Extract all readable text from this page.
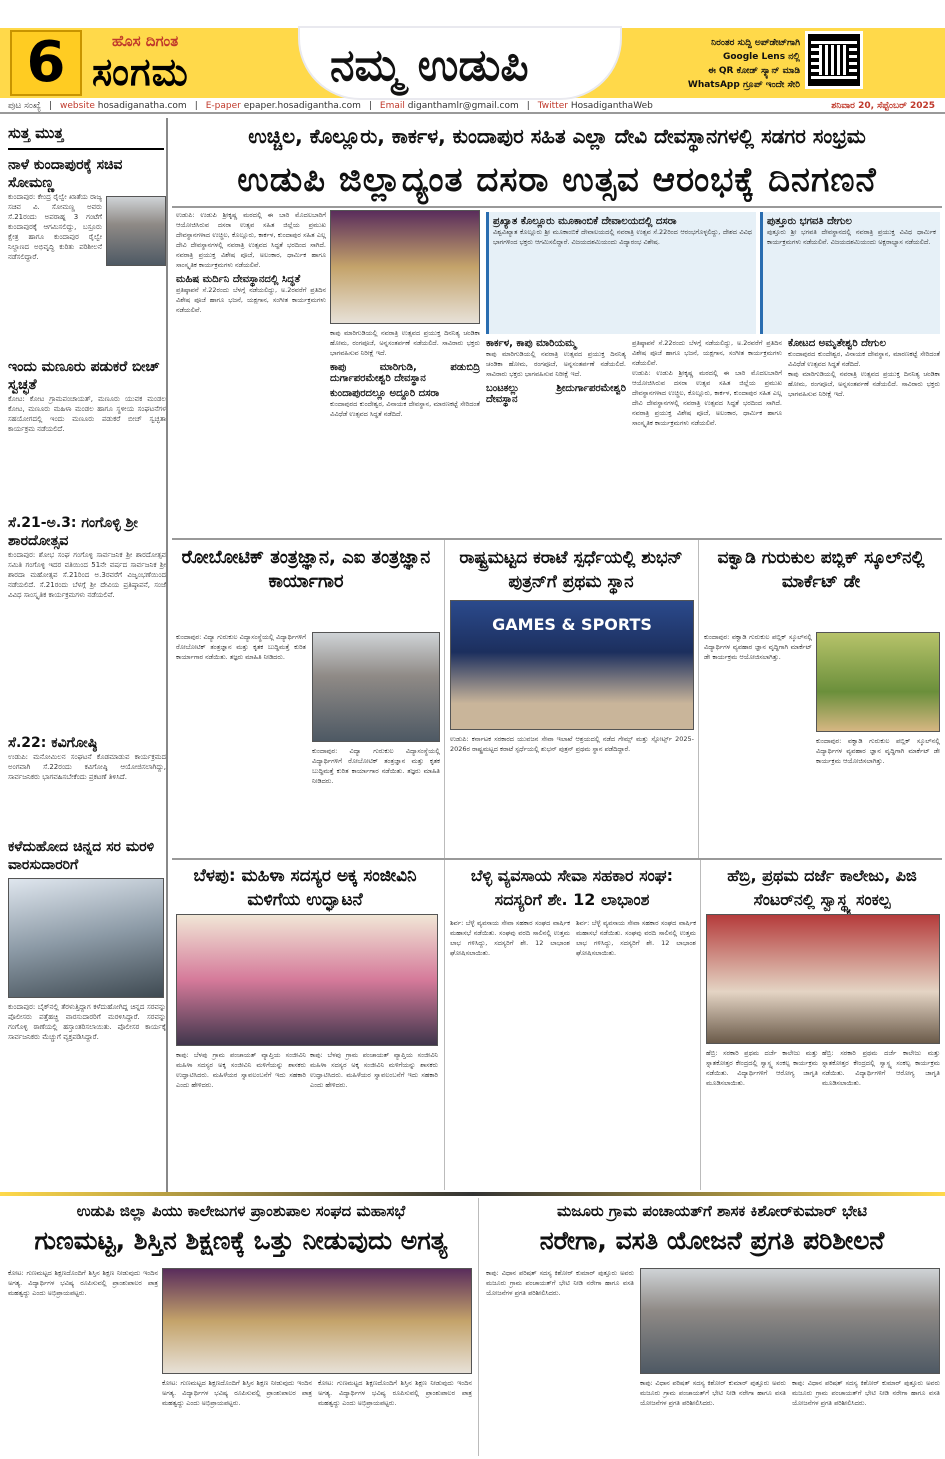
6	ಹೊಸ ದಿಗಂತ
ಸಂಗಮ	ನಮ್ಮ ಉಡುಪಿ	ನಿರಂತರ ಸುದ್ದಿ ಅಪ್‌ಡೇಟ್‌ಗಾಗಿ
Google Lens ನಲ್ಲಿ
ಈ QR ಕೋಡ್ ಸ್ಕ್ಯಾನ್ ಮಾಡಿ
WhatsApp ಗ್ರೂಪ್ ಇಂದೇ ಸೇರಿ
ಪುಟ ಸಂಖ್ಯೆ | website hosadiganatha.com | E-paper epaper.hosadigantha.com | Email diganthamlr@gmail.com | Twitter HosadiganthaWeb	ಶನಿವಾರ 20, ಸೆಪ್ಟೆಂಬರ್ 2025
ಸುತ್ತ ಮುತ್ತ
ನಾಳೆ ಕುಂದಾಪುರಕ್ಕೆ ಸಚಿವ ಸೋಮಣ್ಣ
ಕುಂದಾಪುರ: ಕೇಂದ್ರ ರೈಲ್ವೇ ಖಾತೆಯ ರಾಜ್ಯ ಸಚಿವ ವಿ. ಸೋಮಣ್ಣ ಅವರು ಸೆ.21ರಂದು ಅಪರಾಹ್ನ 3 ಗಂಟೆಗೆ ಕುಂದಾಪುರಕ್ಕೆ ಆಗಮಿಸಲಿದ್ದು, ಬಸ್ರೂರು ಕ್ಷೇತ್ರ ಹಾಗೂ ಕುಂದಾಪುರ ರೈಲ್ವೇ ನಿಲ್ದಾಣದ ಅಭಿವೃದ್ಧಿ ಕುರಿತು ಪರಿಶೀಲನೆ ನಡೆಸಲಿದ್ದಾರೆ.
ಇಂದು ಮಣೂರು ಪಡುಕರೆ ಬೀಚ್ ಸ್ವಚ್ಛತೆ
ಕೋಟ: ಕೋಟ ಗ್ರಾಮಪಂಚಾಯತ್, ಮಣೂರು ಯುವಕ ಮಂಡಲ ಕೋಟ, ಮಣೂರು ಮಹಿಳಾ ಮಂಡಲ ಹಾಗೂ ಸ್ಥಳೀಯ ಸಂಘಟನೆಗಳ ಸಹಯೋಗದಲ್ಲಿ ಇಂದು ಮಣೂರು ಪಡುಕರೆ ಬೀಚ್ ಸ್ವಚ್ಛತಾ ಕಾರ್ಯಕ್ರಮ ನಡೆಯಲಿದೆ.
ಸೆ.21-ಅ.3: ಗಂಗೊಳ್ಳಿ ಶ್ರೀ ಶಾರದೋತ್ಸವ
ಕುಂದಾಪುರ: ಶೋಭ ಸಂಘ ಗಂಗೊಳ್ಳಿ ಸಾರ್ವಜನಿಕ ಶ್ರೀ ಶಾರದೋತ್ಸವ ಸಮಿತಿ ಗಂಗೊಳ್ಳಿ ಇದರ ವತಿಯಿಂದ 51ನೇ ವರ್ಷದ ಸಾರ್ವಜನಿಕ ಶ್ರೀ ಶಾರದಾ ಮಹೋತ್ಸವ ಸೆ.21ರಿಂದ ಅ.3ರವರೆಗೆ ವಿಜೃಂಭಣೆಯಿಂದ ನಡೆಯಲಿದೆ. ಸೆ.21ರಂದು ಬೆಳಗ್ಗೆ ಶ್ರೀ ದೇವಿಯ ಪ್ರತಿಷ್ಠಾಪನೆ, ಸಂಜೆ ವಿವಿಧ ಸಾಂಸ್ಕೃತಿಕ ಕಾರ್ಯಕ್ರಮಗಳು ನಡೆಯಲಿವೆ.
ಸೆ.22: ಕವಿಗೋಷ್ಠಿ
ಉಡುಪಿ: ಮನೋಮಿಲನ ಸಂಘಟನೆ ಕೊಡಮಾಡುವ ಕಾರ್ಯಕ್ರಮದ ಅಂಗವಾಗಿ ಸೆ.22ರಂದು ಕವಿಗೋಷ್ಠಿ ಆಯೋಜಿಸಲಾಗಿದ್ದು, ಸಾರ್ವಜನಿಕರು ಭಾಗವಹಿಸಬೇಕೆಂದು ಪ್ರಕಟಣೆ ತಿಳಿಸಿದೆ.
ಕಳೆದುಹೋದ ಚಿನ್ನದ ಸರ ಮರಳಿ ವಾರಸುದಾರರಿಗೆ
ಕುಂದಾಪುರ: ಬೈಕ್‌ನಲ್ಲಿ ತೆರಳುತ್ತಿದ್ದಾಗ ಕಳೆದುಹೋಗಿದ್ದ ಚಿನ್ನದ ಸರವನ್ನು ಪೊಲೀಸರು ಪತ್ತೆಹಚ್ಚಿ ವಾರಸುದಾರರಿಗೆ ಮರಳಿಸಿದ್ದಾರೆ. ಸರವನ್ನು ಗಂಗೊಳ್ಳಿ ಠಾಣೆಯಲ್ಲಿ ಹಸ್ತಾಂತರಿಸಲಾಯಿತು. ಪೊಲೀಸರ ಕಾರ್ಯಕ್ಕೆ ಸಾರ್ವಜನಿಕರು ಮೆಚ್ಚುಗೆ ವ್ಯಕ್ತಪಡಿಸಿದ್ದಾರೆ.
ಉಚ್ಚಿಲ, ಕೊಲ್ಲೂರು, ಕಾರ್ಕಳ, ಕುಂದಾಪುರ ಸಹಿತ ಎಲ್ಲಾ ದೇವಿ ದೇವಸ್ಥಾನಗಳಲ್ಲಿ ಸಡಗರ ಸಂಭ್ರಮ
ಉಡುಪಿ ಜಿಲ್ಲಾದ್ಯಂತ ದಸರಾ ಉತ್ಸವ ಆರಂಭಕ್ಕೆ ದಿನಗಣನೆ
ಉಡುಪಿ: ಉಡುಪಿ ಶ್ರೀಕೃಷ್ಣ ಮಠದಲ್ಲಿ ಈ ಬಾರಿ ಮೊದಲಬಾರಿಗೆ ಆಯೋಜಿಸಿರುವ ದಸರಾ ಉತ್ಸವ ಸಹಿತ ಜಿಲ್ಲೆಯ ಪ್ರಮುಖ ದೇವಸ್ಥಾನಗಳಾದ ಉಚ್ಚಿಲ, ಕೊಲ್ಲೂರು, ಕಾರ್ಕಳ, ಕುಂದಾಪುರ ಸಹಿತ ಎಲ್ಲ ದೇವಿ ದೇವಸ್ಥಾನಗಳಲ್ಲಿ ನವರಾತ್ರಿ ಉತ್ಸವದ ಸಿದ್ಧತೆ ಭರದಿಂದ ಸಾಗಿದೆ. ನವರಾತ್ರಿ ಪ್ರಯುಕ್ತ ವಿಶೇಷ ಪೂಜೆ, ಅಲಂಕಾರ, ಧಾರ್ಮಿಕ ಹಾಗೂ ಸಾಂಸ್ಕೃತಿಕ ಕಾರ್ಯಕ್ರಮಗಳು ನಡೆಯಲಿವೆ.
ಮಹಿಷ ಮರ್ದಿನಿ ದೇವಸ್ಥಾನದಲ್ಲಿ ಸಿದ್ಧತೆ
ಪ್ರತಿಷ್ಠಾಪನೆ ಸೆ.22ರಂದು ಬೆಳಗ್ಗೆ ನಡೆಯಲಿದ್ದು, ಅ.2ರವರೆಗೆ ಪ್ರತಿದಿನ ವಿಶೇಷ ಪೂಜೆ ಹಾಗೂ ಭಜನೆ, ಯಕ್ಷಗಾನ, ಸಂಗೀತ ಕಾರ್ಯಕ್ರಮಗಳು ನಡೆಯಲಿವೆ.
ಕಾಪು ಮಾರಿಗುಡಿಯಲ್ಲಿ ನವರಾತ್ರಿ ಉತ್ಸವದ ಪ್ರಯುಕ್ತ ದಿನನಿತ್ಯ ಚಂಡಿಕಾ ಹೋಮ, ರಂಗಪೂಜೆ, ಅನ್ನಸಂತರ್ಪಣೆ ನಡೆಯಲಿದೆ. ಸಾವಿರಾರು ಭಕ್ತರು ಭಾಗವಹಿಸುವ ನಿರೀಕ್ಷೆ ಇದೆ.
ಕಾಪು ಮಾರಿಗುಡಿ, ಪಡುಬಿದ್ರಿ ದುರ್ಗಾಪರಮೇಶ್ವರಿ ದೇವಸ್ಥಾನ
ಕುಂದಾಪುರದಲ್ಲೂ ಅದ್ದೂರಿ ದಸರಾ
ಕುಂದಾಪುರದ ಕುಂದೇಶ್ವರ, ವಿನಾಯಕ ದೇವಸ್ಥಾನ, ಮಾರಣಕಟ್ಟೆ ಸೇರಿದಂತೆ ವಿವಿಧೆಡೆ ಉತ್ಸವದ ಸಿದ್ಧತೆ ನಡೆದಿದೆ.
ಪ್ರಖ್ಯಾತ ಕೊಲ್ಲೂರು ಮೂಕಾಂಬಿಕೆ ದೇವಾಲಯದಲ್ಲಿ ದಸರಾ
ವಿಶ್ವವಿಖ್ಯಾತ ಕೊಲ್ಲೂರು ಶ್ರೀ ಮೂಕಾಂಬಿಕೆ ದೇವಾಲಯದಲ್ಲಿ ನವರಾತ್ರಿ ಉತ್ಸವ ಸೆ.22ರಿಂದ ಆರಂಭಗೊಳ್ಳಲಿದ್ದು, ದೇಶದ ವಿವಿಧ ಭಾಗಗಳಿಂದ ಭಕ್ತರು ಆಗಮಿಸಲಿದ್ದಾರೆ. ವಿಜಯದಶಮಿಯಂದು ವಿದ್ಯಾರಂಭ ವಿಶೇಷ.
ಪುತ್ತೂರು ಭಗವತಿ ದೇಗುಲ
ಪುತ್ತೂರು ಶ್ರೀ ಭಗವತಿ ದೇವಸ್ಥಾನದಲ್ಲಿ ನವರಾತ್ರಿ ಪ್ರಯುಕ್ತ ವಿವಿಧ ಧಾರ್ಮಿಕ ಕಾರ್ಯಕ್ರಮಗಳು ನಡೆಯಲಿವೆ. ವಿಜಯದಶಮಿಯಂದು ಅಕ್ಷರಾಭ್ಯಾಸ ನಡೆಯಲಿದೆ.
ಕಾರ್ಕಳ, ಕಾಪು ಮಾರಿಯಮ್ಮ
ಕಾಪು ಮಾರಿಗುಡಿಯಲ್ಲಿ ನವರಾತ್ರಿ ಉತ್ಸವದ ಪ್ರಯುಕ್ತ ದಿನನಿತ್ಯ ಚಂಡಿಕಾ ಹೋಮ, ರಂಗಪೂಜೆ, ಅನ್ನಸಂತರ್ಪಣೆ ನಡೆಯಲಿದೆ. ಸಾವಿರಾರು ಭಕ್ತರು ಭಾಗವಹಿಸುವ ನಿರೀಕ್ಷೆ ಇದೆ.
ಬಂಟಕಲ್ಲು ಶ್ರೀದುರ್ಗಾಪರಮೇಶ್ವರಿ ದೇವಸ್ಥಾನ
ಪ್ರತಿಷ್ಠಾಪನೆ ಸೆ.22ರಂದು ಬೆಳಗ್ಗೆ ನಡೆಯಲಿದ್ದು, ಅ.2ರವರೆಗೆ ಪ್ರತಿದಿನ ವಿಶೇಷ ಪೂಜೆ ಹಾಗೂ ಭಜನೆ, ಯಕ್ಷಗಾನ, ಸಂಗೀತ ಕಾರ್ಯಕ್ರಮಗಳು ನಡೆಯಲಿವೆ.
ಉಡುಪಿ: ಉಡುಪಿ ಶ್ರೀಕೃಷ್ಣ ಮಠದಲ್ಲಿ ಈ ಬಾರಿ ಮೊದಲಬಾರಿಗೆ ಆಯೋಜಿಸಿರುವ ದಸರಾ ಉತ್ಸವ ಸಹಿತ ಜಿಲ್ಲೆಯ ಪ್ರಮುಖ ದೇವಸ್ಥಾನಗಳಾದ ಉಚ್ಚಿಲ, ಕೊಲ್ಲೂರು, ಕಾರ್ಕಳ, ಕುಂದಾಪುರ ಸಹಿತ ಎಲ್ಲ ದೇವಿ ದೇವಸ್ಥಾನಗಳಲ್ಲಿ ನವರಾತ್ರಿ ಉತ್ಸವದ ಸಿದ್ಧತೆ ಭರದಿಂದ ಸಾಗಿದೆ. ನವರಾತ್ರಿ ಪ್ರಯುಕ್ತ ವಿಶೇಷ ಪೂಜೆ, ಅಲಂಕಾರ, ಧಾರ್ಮಿಕ ಹಾಗೂ ಸಾಂಸ್ಕೃತಿಕ ಕಾರ್ಯಕ್ರಮಗಳು ನಡೆಯಲಿವೆ.
ಕೋಟದ ಅಮೃತೇಶ್ವರಿ ದೇಗುಲ
ಕುಂದಾಪುರದ ಕುಂದೇಶ್ವರ, ವಿನಾಯಕ ದೇವಸ್ಥಾನ, ಮಾರಣಕಟ್ಟೆ ಸೇರಿದಂತೆ ವಿವಿಧೆಡೆ ಉತ್ಸವದ ಸಿದ್ಧತೆ ನಡೆದಿದೆ.
ಕಾಪು ಮಾರಿಗುಡಿಯಲ್ಲಿ ನವರಾತ್ರಿ ಉತ್ಸವದ ಪ್ರಯುಕ್ತ ದಿನನಿತ್ಯ ಚಂಡಿಕಾ ಹೋಮ, ರಂಗಪೂಜೆ, ಅನ್ನಸಂತರ್ಪಣೆ ನಡೆಯಲಿದೆ. ಸಾವಿರಾರು ಭಕ್ತರು ಭಾಗವಹಿಸುವ ನಿರೀಕ್ಷೆ ಇದೆ.
ರೋಬೋಟಿಕ್ ತಂತ್ರಜ್ಞಾನ, ಎಐ ತಂತ್ರಜ್ಞಾನ ಕಾರ್ಯಾಗಾರ
ಕುಂದಾಪುರ: ವಿದ್ಯಾ ಗುರುಕುಲ ವಿದ್ಯಾಸಂಸ್ಥೆಯಲ್ಲಿ ವಿದ್ಯಾರ್ಥಿಗಳಿಗೆ ರೋಬೋಟಿಕ್ ತಂತ್ರಜ್ಞಾನ ಮತ್ತು ಕೃತಕ ಬುದ್ಧಿಮತ್ತೆ ಕುರಿತ ಕಾರ್ಯಾಗಾರ ನಡೆಯಿತು. ತಜ್ಞರು ಮಾಹಿತಿ ನೀಡಿದರು.
ಕುಂದಾಪುರ: ವಿದ್ಯಾ ಗುರುಕುಲ ವಿದ್ಯಾಸಂಸ್ಥೆಯಲ್ಲಿ ವಿದ್ಯಾರ್ಥಿಗಳಿಗೆ ರೋಬೋಟಿಕ್ ತಂತ್ರಜ್ಞಾನ ಮತ್ತು ಕೃತಕ ಬುದ್ಧಿಮತ್ತೆ ಕುರಿತ ಕಾರ್ಯಾಗಾರ ನಡೆಯಿತು. ತಜ್ಞರು ಮಾಹಿತಿ ನೀಡಿದರು.
ರಾಷ್ಟ್ರಮಟ್ಟದ ಕರಾಟೆ ಸ್ಪರ್ಧೆಯಲ್ಲಿ ಶುಭನ್ ಪುತ್ರನ್‌ಗೆ ಪ್ರಥಮ ಸ್ಥಾನ
GAMES & SPORTS
ಉಡುಪಿ: ಕರ್ನಾಟಕ ಸರಕಾರದ ಯುವಜನ ಸೇವಾ ಇಲಾಖೆ ಆಶ್ರಯದಲ್ಲಿ ನಡೆದ ಗೇಮ್ಸ್ ಮತ್ತು ಸ್ಪೋರ್ಟ್ಸ್ 2025-2026ರ ರಾಷ್ಟ್ರಮಟ್ಟದ ಕರಾಟೆ ಸ್ಪರ್ಧೆಯಲ್ಲಿ ಶುಭನ್ ಪುತ್ರನ್ ಪ್ರಥಮ ಸ್ಥಾನ ಪಡೆದಿದ್ದಾರೆ.
ವಕ್ವಾಡಿ ಗುರುಕುಲ ಪಬ್ಲಿಕ್ ಸ್ಕೂಲ್‌ನಲ್ಲಿ ಮಾರ್ಕೆಟ್ ಡೇ
ಕುಂದಾಪುರ: ವಕ್ವಾಡಿ ಗುರುಕುಲ ಪಬ್ಲಿಕ್ ಸ್ಕೂಲ್‌ನಲ್ಲಿ ವಿದ್ಯಾರ್ಥಿಗಳ ವ್ಯವಹಾರ ಜ್ಞಾನ ವೃದ್ಧಿಗಾಗಿ ಮಾರ್ಕೆಟ್ ಡೇ ಕಾರ್ಯಕ್ರಮ ಆಯೋಜಿಸಲಾಗಿತ್ತು.
ಕುಂದಾಪುರ: ವಕ್ವಾಡಿ ಗುರುಕುಲ ಪಬ್ಲಿಕ್ ಸ್ಕೂಲ್‌ನಲ್ಲಿ ವಿದ್ಯಾರ್ಥಿಗಳ ವ್ಯವಹಾರ ಜ್ಞಾನ ವೃದ್ಧಿಗಾಗಿ ಮಾರ್ಕೆಟ್ ಡೇ ಕಾರ್ಯಕ್ರಮ ಆಯೋಜಿಸಲಾಗಿತ್ತು.
ಬೆಳಪು: ಮಹಿಳಾ ಸದಸ್ಯರ ಅಕ್ಕ ಸಂಜೀವಿನಿ ಮಳಿಗೆಯ ಉದ್ಘಾಟನೆ
ಕಾಪು: ಬೆಳಪು ಗ್ರಾಮ ಪಂಚಾಯತ್ ವ್ಯಾಪ್ತಿಯ ಸಂಜೀವಿನಿ ಮಹಿಳಾ ಸದಸ್ಯರ ಅಕ್ಕ ಸಂಜೀವಿನಿ ಮಳಿಗೆಯನ್ನು ಶಾಸಕರು ಉದ್ಘಾಟಿಸಿದರು. ಮಹಿಳೆಯರ ಸ್ವಾವಲಂಬನೆಗೆ ಇದು ಸಹಕಾರಿ ಎಂದು ಹೇಳಿದರು.
ಕಾಪು: ಬೆಳಪು ಗ್ರಾಮ ಪಂಚಾಯತ್ ವ್ಯಾಪ್ತಿಯ ಸಂಜೀವಿನಿ ಮಹಿಳಾ ಸದಸ್ಯರ ಅಕ್ಕ ಸಂಜೀವಿನಿ ಮಳಿಗೆಯನ್ನು ಶಾಸಕರು ಉದ್ಘಾಟಿಸಿದರು. ಮಹಿಳೆಯರ ಸ್ವಾವಲಂಬನೆಗೆ ಇದು ಸಹಕಾರಿ ಎಂದು ಹೇಳಿದರು.
ಬೆಳ್ಳಿ ವ್ಯವಸಾಯ ಸೇವಾ ಸಹಕಾರ ಸಂಘ: ಸದಸ್ಯರಿಗೆ ಶೇ. 12 ಲಾಭಾಂಶ
ಶಿರ್ವ: ಬೆಳ್ಳೆ ವ್ಯವಸಾಯ ಸೇವಾ ಸಹಕಾರ ಸಂಘದ ವಾರ್ಷಿಕ ಮಹಾಸಭೆ ನಡೆಯಿತು. ಸಂಘವು ವರದಿ ಸಾಲಿನಲ್ಲಿ ಉತ್ತಮ ಲಾಭ ಗಳಿಸಿದ್ದು, ಸದಸ್ಯರಿಗೆ ಶೇ. 12 ಲಾಭಾಂಶ ಘೋಷಿಸಲಾಯಿತು.
ಶಿರ್ವ: ಬೆಳ್ಳೆ ವ್ಯವಸಾಯ ಸೇವಾ ಸಹಕಾರ ಸಂಘದ ವಾರ್ಷಿಕ ಮಹಾಸಭೆ ನಡೆಯಿತು. ಸಂಘವು ವರದಿ ಸಾಲಿನಲ್ಲಿ ಉತ್ತಮ ಲಾಭ ಗಳಿಸಿದ್ದು, ಸದಸ್ಯರಿಗೆ ಶೇ. 12 ಲಾಭಾಂಶ ಘೋಷಿಸಲಾಯಿತು.
ಹೆಬ್ರಿ, ಪ್ರಥಮ ದರ್ಜೆ ಕಾಲೇಜು, ಪಿಜಿ ಸೆಂಟರ್‌ನಲ್ಲಿ ಸ್ವಾಸ್ಥ್ಯ ಸಂಕಲ್ಪ
ಹೆಬ್ರಿ: ಸರಕಾರಿ ಪ್ರಥಮ ದರ್ಜೆ ಕಾಲೇಜು ಮತ್ತು ಸ್ನಾತಕೋತ್ತರ ಕೇಂದ್ರದಲ್ಲಿ ಸ್ವಾಸ್ಥ್ಯ ಸಂಕಲ್ಪ ಕಾರ್ಯಕ್ರಮ ನಡೆಯಿತು. ವಿದ್ಯಾರ್ಥಿಗಳಿಗೆ ಆರೋಗ್ಯ ಜಾಗೃತಿ ಮೂಡಿಸಲಾಯಿತು.
ಹೆಬ್ರಿ: ಸರಕಾರಿ ಪ್ರಥಮ ದರ್ಜೆ ಕಾಲೇಜು ಮತ್ತು ಸ್ನಾತಕೋತ್ತರ ಕೇಂದ್ರದಲ್ಲಿ ಸ್ವಾಸ್ಥ್ಯ ಸಂಕಲ್ಪ ಕಾರ್ಯಕ್ರಮ ನಡೆಯಿತು. ವಿದ್ಯಾರ್ಥಿಗಳಿಗೆ ಆರೋಗ್ಯ ಜಾಗೃತಿ ಮೂಡಿಸಲಾಯಿತು.
ಉಡುಪಿ ಜಿಲ್ಲಾ ಪಿಯು ಕಾಲೇಜುಗಳ ಪ್ರಾಂಶುಪಾಲ ಸಂಘದ ಮಹಾಸಭೆ
ಗುಣಮಟ್ಟ, ಶಿಸ್ತಿನ ಶಿಕ್ಷಣಕ್ಕೆ ಒತ್ತು ನೀಡುವುದು ಅಗತ್ಯ
ಕೋಟ: ಗುಣಮಟ್ಟದ ಶಿಕ್ಷಣದೊಂದಿಗೆ ಶಿಸ್ತಿನ ಶಿಕ್ಷಣ ನೀಡುವುದು ಇಂದಿನ ಅಗತ್ಯ. ವಿದ್ಯಾರ್ಥಿಗಳ ಭವಿಷ್ಯ ರೂಪಿಸುವಲ್ಲಿ ಪ್ರಾಂಶುಪಾಲರ ಪಾತ್ರ ಮಹತ್ವದ್ದು ಎಂದು ಅಭಿಪ್ರಾಯಪಟ್ಟರು.
ಕೋಟ: ಗುಣಮಟ್ಟದ ಶಿಕ್ಷಣದೊಂದಿಗೆ ಶಿಸ್ತಿನ ಶಿಕ್ಷಣ ನೀಡುವುದು ಇಂದಿನ ಅಗತ್ಯ. ವಿದ್ಯಾರ್ಥಿಗಳ ಭವಿಷ್ಯ ರೂಪಿಸುವಲ್ಲಿ ಪ್ರಾಂಶುಪಾಲರ ಪಾತ್ರ ಮಹತ್ವದ್ದು ಎಂದು ಅಭಿಪ್ರಾಯಪಟ್ಟರು.
ಕೋಟ: ಗುಣಮಟ್ಟದ ಶಿಕ್ಷಣದೊಂದಿಗೆ ಶಿಸ್ತಿನ ಶಿಕ್ಷಣ ನೀಡುವುದು ಇಂದಿನ ಅಗತ್ಯ. ವಿದ್ಯಾರ್ಥಿಗಳ ಭವಿಷ್ಯ ರೂಪಿಸುವಲ್ಲಿ ಪ್ರಾಂಶುಪಾಲರ ಪಾತ್ರ ಮಹತ್ವದ್ದು ಎಂದು ಅಭಿಪ್ರಾಯಪಟ್ಟರು.
ಮಜೂರು ಗ್ರಾಮ ಪಂಚಾಯತ್‌ಗೆ ಶಾಸಕ ಕಿಶೋರ್‌ಕುಮಾರ್ ಭೇಟಿ
ನರೇಗಾ, ವಸತಿ ಯೋಜನೆ ಪ್ರಗತಿ ಪರಿಶೀಲನೆ
ಕಾಪು: ವಿಧಾನ ಪರಿಷತ್ ಸದಸ್ಯ ಕಿಶೋರ್ ಕುಮಾರ್ ಪುತ್ತೂರು ಅವರು ಮಜೂರು ಗ್ರಾಮ ಪಂಚಾಯತ್‌ಗೆ ಭೇಟಿ ನೀಡಿ ನರೇಗಾ ಹಾಗೂ ವಸತಿ ಯೋಜನೆಗಳ ಪ್ರಗತಿ ಪರಿಶೀಲಿಸಿದರು.
ಕಾಪು: ವಿಧಾನ ಪರಿಷತ್ ಸದಸ್ಯ ಕಿಶೋರ್ ಕುಮಾರ್ ಪುತ್ತೂರು ಅವರು ಮಜೂರು ಗ್ರಾಮ ಪಂಚಾಯತ್‌ಗೆ ಭೇಟಿ ನೀಡಿ ನರೇಗಾ ಹಾಗೂ ವಸತಿ ಯೋಜನೆಗಳ ಪ್ರಗತಿ ಪರಿಶೀಲಿಸಿದರು.
ಕಾಪು: ವಿಧಾನ ಪರಿಷತ್ ಸದಸ್ಯ ಕಿಶೋರ್ ಕುಮಾರ್ ಪುತ್ತೂರು ಅವರು ಮಜೂರು ಗ್ರಾಮ ಪಂಚಾಯತ್‌ಗೆ ಭೇಟಿ ನೀಡಿ ನರೇಗಾ ಹಾಗೂ ವಸತಿ ಯೋಜನೆಗಳ ಪ್ರಗತಿ ಪರಿಶೀಲಿಸಿದರು.
